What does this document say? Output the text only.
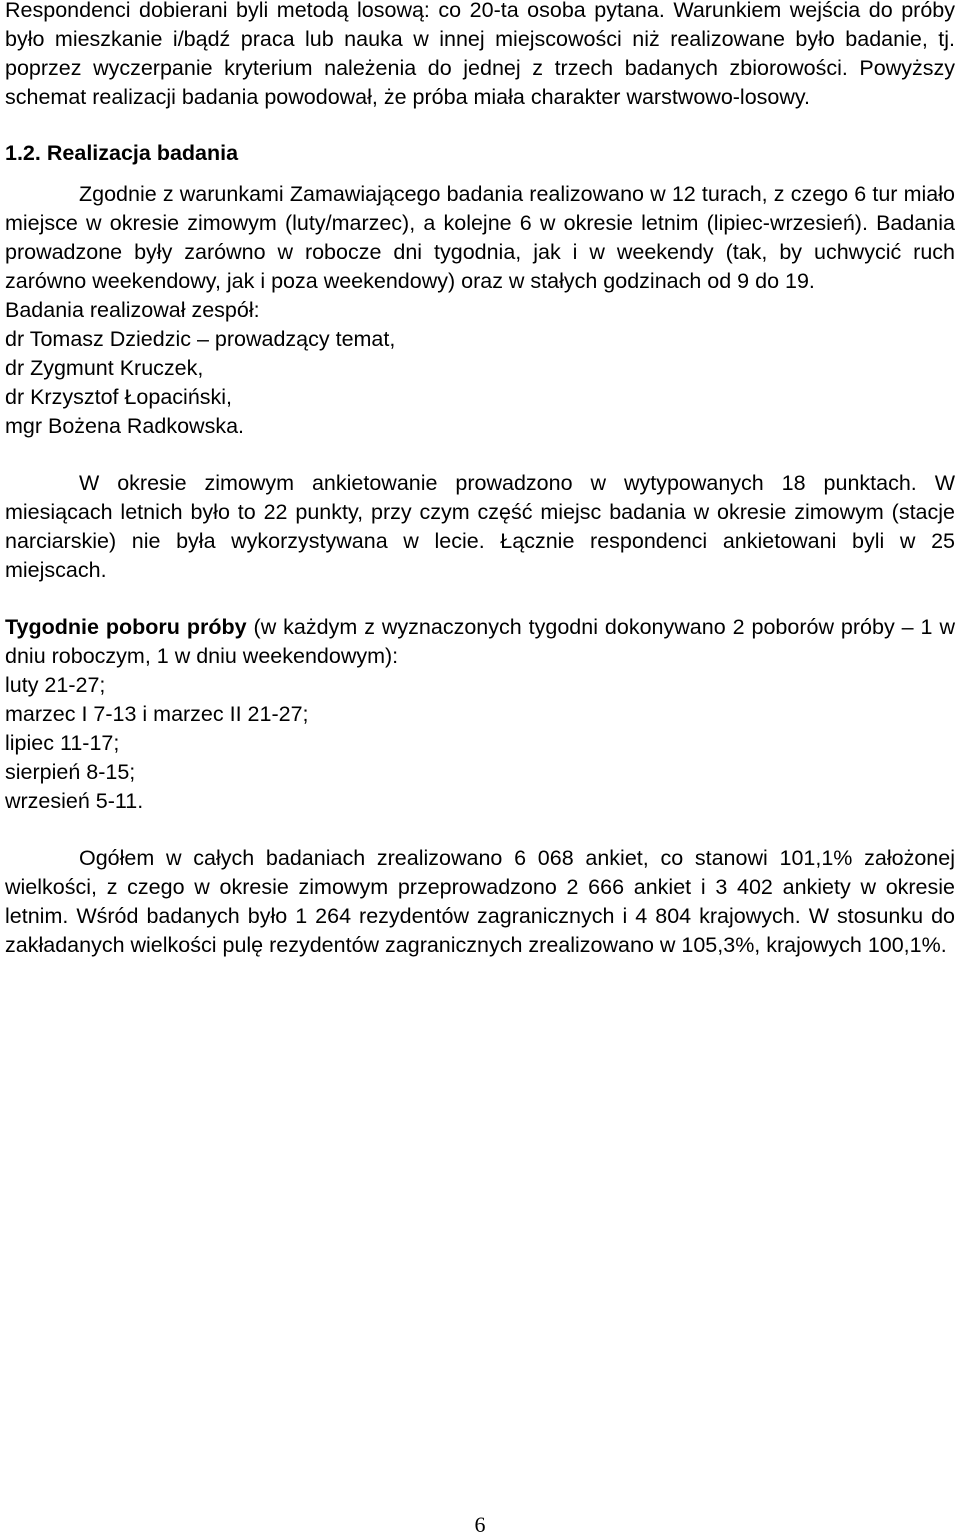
Respondenci dobierani byli metodą losową: co 20-ta osoba pytana. Warunkiem wejścia do próby było mieszkanie i/bądź praca lub nauka w innej miejscowości niż realizowane było badanie, tj. poprzez wyczerpanie kryterium należenia do jednej z trzech badanych zbiorowości. Powyższy schemat realizacji badania powodował, że próba miała charakter warstwowo-losowy.

1.2. Realizacja badania

Zgodnie z warunkami Zamawiającego badania realizowano w 12 turach, z czego 6 tur miało miejsce w okresie zimowym (luty/marzec), a kolejne 6 w okresie letnim (lipiec-wrzesień). Badania prowadzone były zarówno w robocze dni tygodnia, jak i w weekendy (tak, by uchwycić ruch zarówno weekendowy, jak i poza weekendowy) oraz w stałych godzinach od 9 do 19.

Badania realizował zespół:

dr Tomasz Dziedzic – prowadzący temat,

dr Zygmunt Kruczek,

dr Krzysztof Łopaciński,

mgr Bożena Radkowska.

W okresie zimowym ankietowanie prowadzono w wytypowanych 18 punktach. W miesiącach letnich było to 22 punkty, przy czym część miejsc badania w okresie zimowym (stacje narciarskie) nie była wykorzystywana w lecie. Łącznie respondenci ankietowani byli w 25 miejscach.

Tygodnie poboru próby (w każdym z wyznaczonych tygodni dokonywano 2 poborów próby – 1 w dniu roboczym, 1 w dniu weekendowym):

luty 21-27;

marzec I 7-13 i marzec II 21-27;

lipiec 11-17;

sierpień 8-15;

wrzesień 5-11.

Ogółem w całych badaniach zrealizowano 6 068 ankiet, co stanowi 101,1% założonej wielkości, z czego w okresie zimowym przeprowadzono 2 666 ankiet i 3 402 ankiety w okresie letnim. Wśród badanych było 1 264 rezydentów zagranicznych i 4 804 krajowych. W stosunku do zakładanych wielkości pulę rezydentów zagranicznych zrealizowano w 105,3%, krajowych 100,1%.

6
